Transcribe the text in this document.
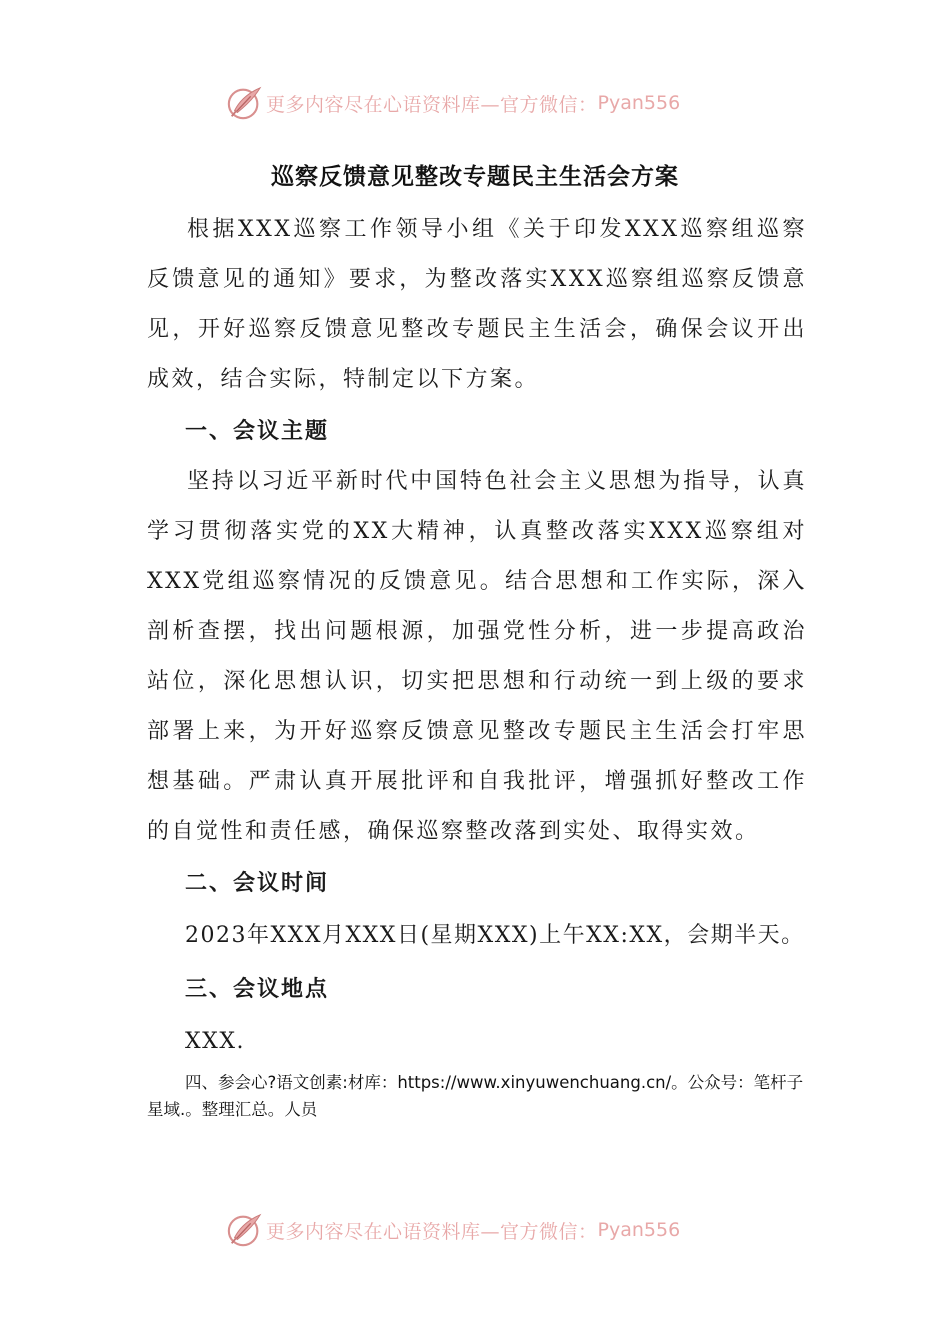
更多内容尽在心语资料库—官方微信： Pyan556
巡察反馈意见整改专题民主生活会方案

根据XXX巡察工作领导小组《关于印发XXX巡察组巡察反馈意见的通知》要求，为整改落实XXX巡察组巡察反馈意见，开好巡察反馈意见整改专题民主生活会，确保会议开出成效，结合实际，特制定以下方案。

一、会议主题

坚持以习近平新时代中国特色社会主义思想为指导，认真学习贯彻落实党的XX大精神，认真整改落实XXX巡察组对XXX党组巡察情况的反馈意见。结合思想和工作实际，深入剖析查摆，找出问题根源，加强党性分析，进一步提高政治站位，深化思想认识，切实把思想和行动统一到上级的要求部署上来，为开好巡察反馈意见整改专题民主生活会打牢思想基础。严肃认真开展批评和自我批评，增强抓好整改工作的自觉性和责任感，确保巡察整改落到实处、取得实效。

二、会议时间

2023年XXX月XXX日(星期XXX)上午XX:XX，会期半天。

三、会议地点

XXX.

四、参会心?语文创素:材库：https://www.xinyuwenchuang.cn/。公众号：笔杆子星域.。整理汇总。人员

更多内容尽在心语资料库—官方微信： Pyan556
